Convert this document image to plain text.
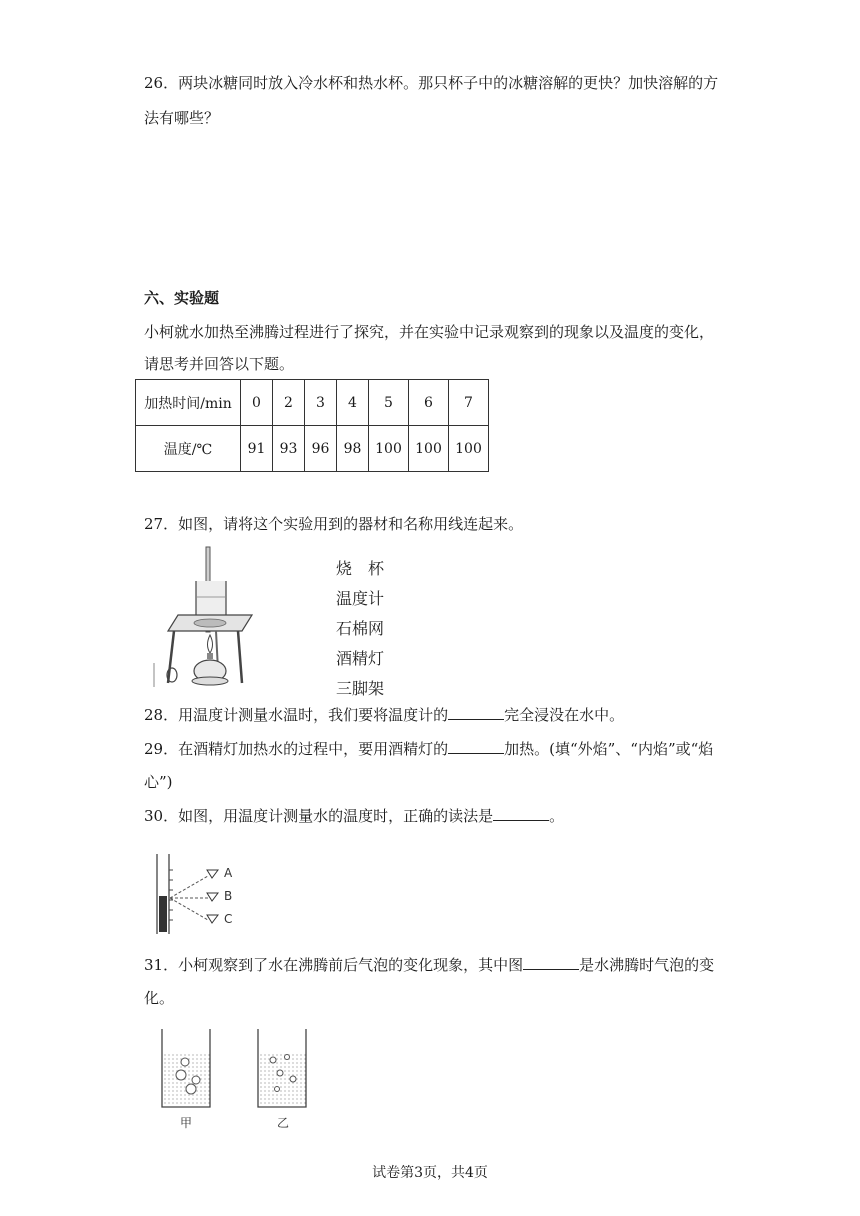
26．两块冰糖同时放入冷水杯和热水杯。那只杯子中的冰糖溶解的更快？加快溶解的方
法有哪些？
六、实验题
小柯就水加热至沸腾过程进行了探究，并在实验中记录观察到的现象以及温度的变化，
请思考并回答以下题。
加热时间/min	0	2	3	4	5	6	7
温度/℃	91	93	96	98	100	100	100
27．如图，请将这个实验用到的器材和名称用线连起来。
烧　杯
温度计
石棉网
酒精灯
三脚架
28．用温度计测量水温时，我们要将温度计的	完全浸没在水中。
29．在酒精灯加热水的过程中，要用酒精灯的	加热。(填“外焰”、“内焰”或“焰
心”)
30．如图，用温度计测量水的温度时，正确的读法是	。
A
B
C
31．小柯观察到了水在沸腾前后气泡的变化现象，其中图	是水沸腾时气泡的变
化。
甲	乙
试卷第3页，共4页
